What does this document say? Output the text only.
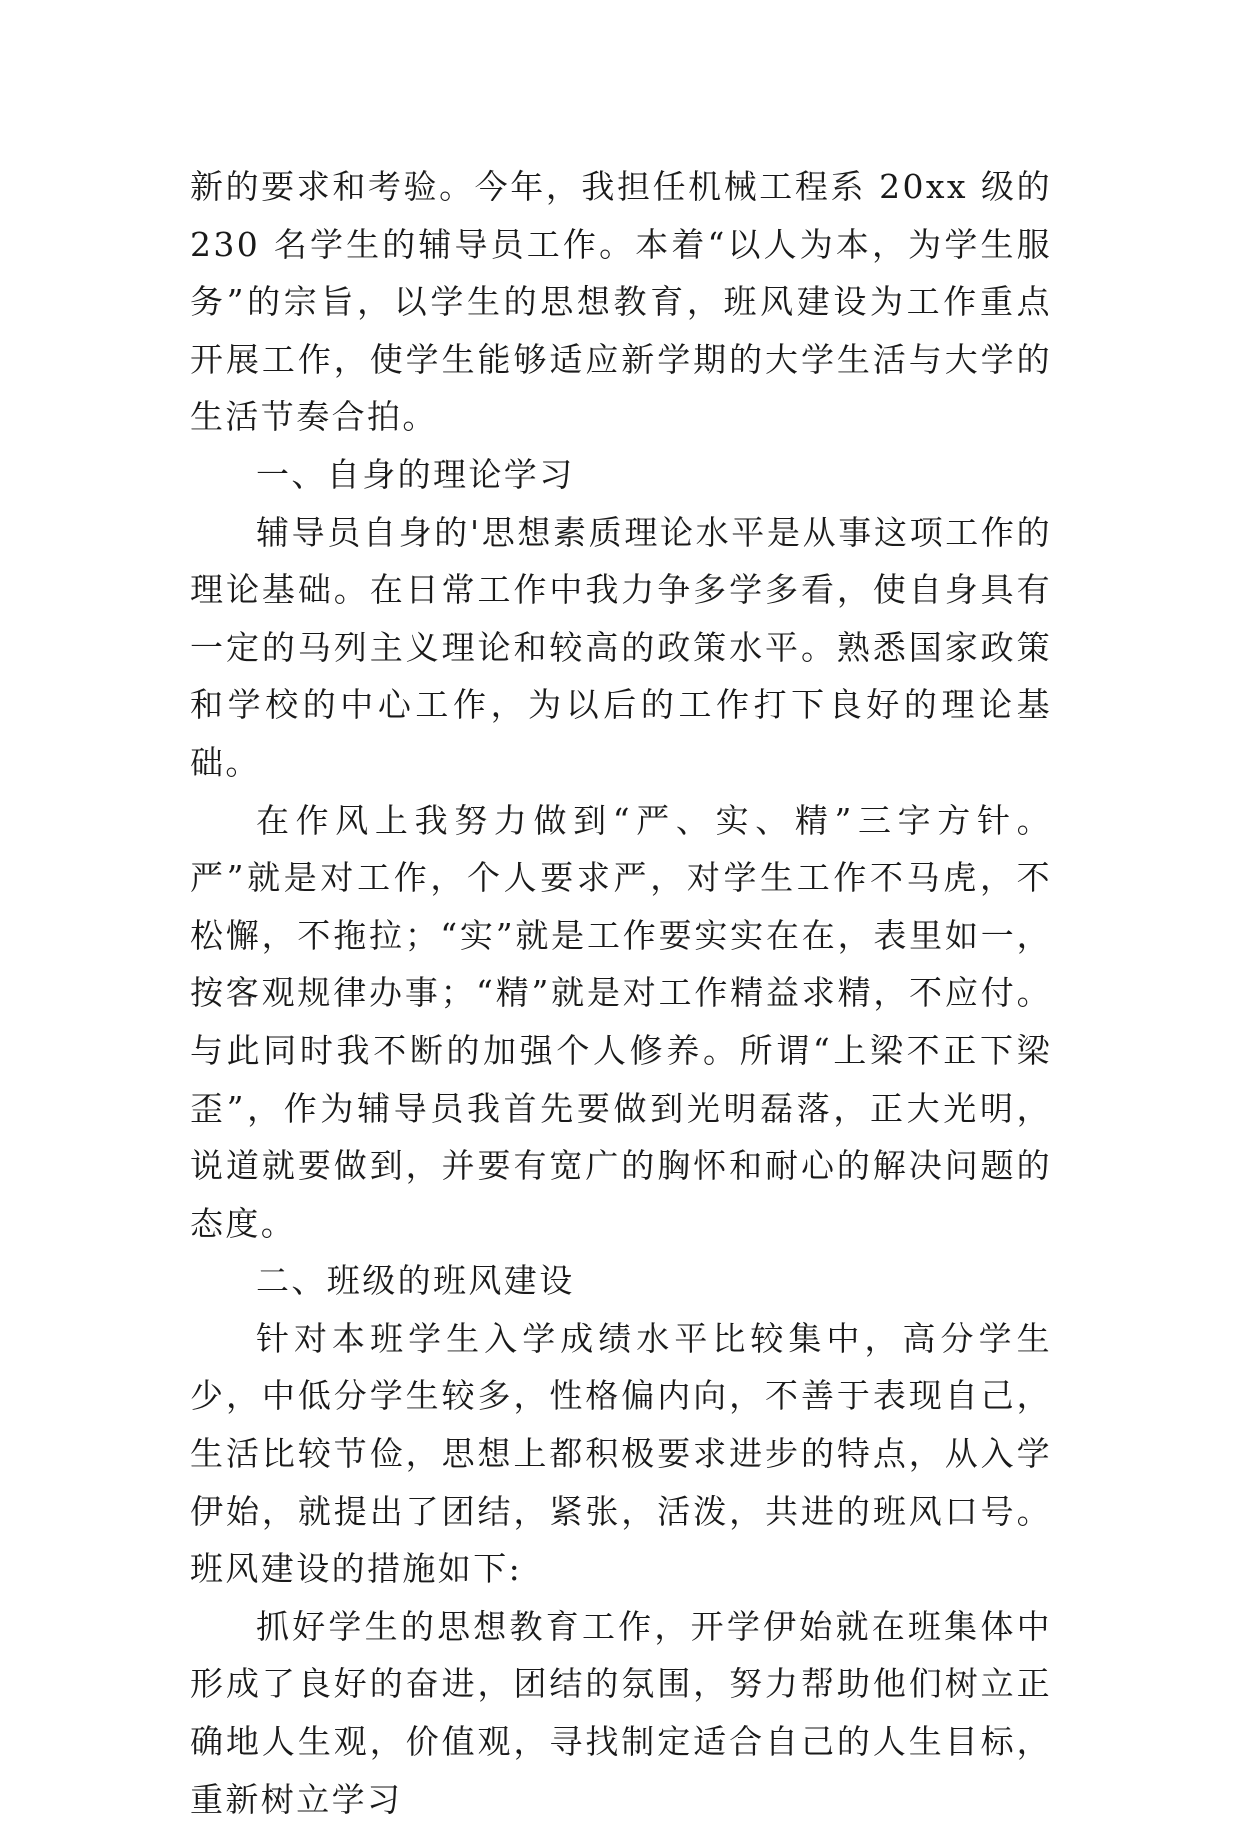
新的要求和考验。今年，我担任机械工程系 20xx 级的 230 名学生的辅导员工作。本着“以人为本，为学生服务”的宗旨，以学生的思想教育，班风建设为工作重点开展工作，使学生能够适应新学期的大学生活与大学的生活节奏合拍。

一、自身的理论学习

辅导员自身的'思想素质理论水平是从事这项工作的理论基础。在日常工作中我力争多学多看，使自身具有一定的马列主义理论和较高的政策水平。熟悉国家政策和学校的中心工作，为以后的工作打下良好的理论基础。

在作风上我努力做到“严、实、精”三字方针。严”就是对工作，个人要求严，对学生工作不马虎，不松懈，不拖拉；“实”就是工作要实实在在，表里如一，按客观规律办事；“精”就是对工作精益求精，不应付。与此同时我不断的加强个人修养。所谓“上梁不正下梁歪”，作为辅导员我首先要做到光明磊落，正大光明，说道就要做到，并要有宽广的胸怀和耐心的解决问题的态度。

二、班级的班风建设

针对本班学生入学成绩水平比较集中，高分学生少，中低分学生较多，性格偏内向，不善于表现自己，生活比较节俭，思想上都积极要求进步的特点，从入学伊始，就提出了团结，紧张，活泼，共进的班风口号。班风建设的措施如下:

抓好学生的思想教育工作，开学伊始就在班集体中形成了良好的奋进，团结的氛围，努力帮助他们树立正确地人生观，价值观，寻找制定适合自己的人生目标，重新树立学习
